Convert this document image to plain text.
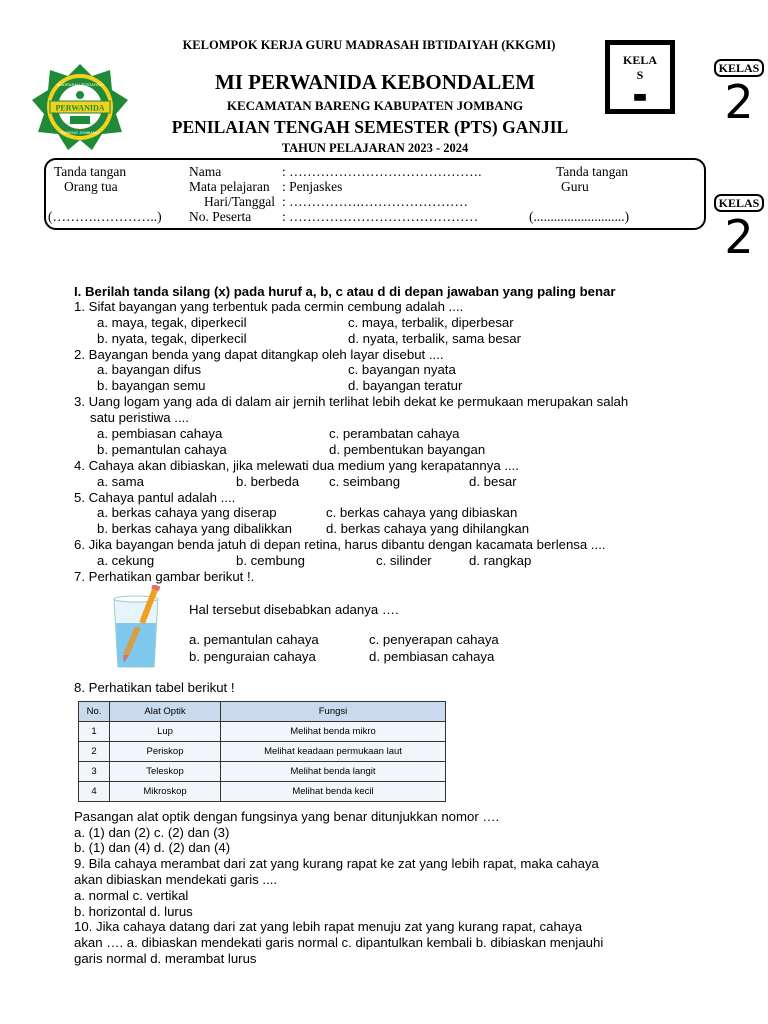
KELOMPOK KERJA GURU MADRASAH IBTIDAIYAH (KKGMI)
PERWANIDA
MADRASAH IBTIDAIYAH
BARENG JOMBANG
MI PERWANIDA KEBONDALEM
KECAMATAN BARENG KABUPATEN JOMBANG
PENILAIAN TENGAH SEMESTER (PTS) GANJIL
TAHUN PELAJARAN 2023 - 2024
KELA
S
▃
KELAS
2
KELAS
2
Tanda tangan
Orang tua
(……….…………..)
Nama	: …………………………………….
Mata pelajaran : Penjaskes
Hari/Tanggal : …………….……………………
No. Peserta : ……………………………………
Tanda tangan
Guru
(...........................)
I. Berilah tanda silang (x) pada huruf a, b, c atau d di depan jawaban yang paling benar
1. Sifat bayangan yang terbentuk pada cermin cembung adalah ....
a. maya, tegak, diperkecil	c. maya, terbalik, diperbesar
b. nyata, tegak, diperkecil	d. nyata, terbalik, sama besar
2. Bayangan benda yang dapat ditangkap oleh layar disebut ....
a. bayangan difus	c. bayangan nyata
b. bayangan semu	d. bayangan teratur
3. Uang logam yang ada di dalam air jernih terlihat lebih dekat ke permukaan merupakan salah
satu peristiwa ....
a. pembiasan cahaya	c. perambatan cahaya
b. pemantulan cahaya	d. pembentukan bayangan
4. Cahaya akan dibiaskan, jika melewati dua medium yang kerapatannya ....
a. sama	b. berbeda c. seimbang	d. besar
5. Cahaya pantul adalah ....
a. berkas cahaya yang diserap	c. berkas cahaya yang dibiaskan
b. berkas cahaya yang dibalikkan	d. berkas cahaya yang dihilangkan
6. Jika bayangan benda jatuh di depan retina, harus dibantu dengan kacamata berlensa ....
a. cekung	b. cembung	c. silinder	d. rangkap
7. Perhatikan gambar berikut !.
Hal tersebut disebabkan adanya ….
a. pemantulan cahaya	c. penyerapan cahaya
b. penguraian cahaya	d. pembiasan cahaya
8. Perhatikan tabel berikut !
No.	Alat Optik	Fungsi
1	Lup	Melihat benda mikro
2	Periskop	Melihat keadaan permukaan laut
3	Teleskop	Melihat benda langit
4	Mikroskop	Melihat benda kecil
Pasangan alat optik dengan fungsinya yang benar ditunjukkan nomor ….
a. (1) dan (2) c. (2) dan (3)
b. (1) dan (4) d. (2) dan (4)
9. Bila cahaya merambat dari zat yang kurang rapat ke zat yang lebih rapat, maka cahaya
akan dibiaskan mendekati garis ....
a. normal c. vertikal
b. horizontal d. lurus
10. Jika cahaya datang dari zat yang lebih rapat menuju zat yang kurang rapat, cahaya
akan …. a. dibiaskan mendekati garis normal c. dipantulkan kembali b. dibiaskan menjauhi
garis normal d. merambat lurus
